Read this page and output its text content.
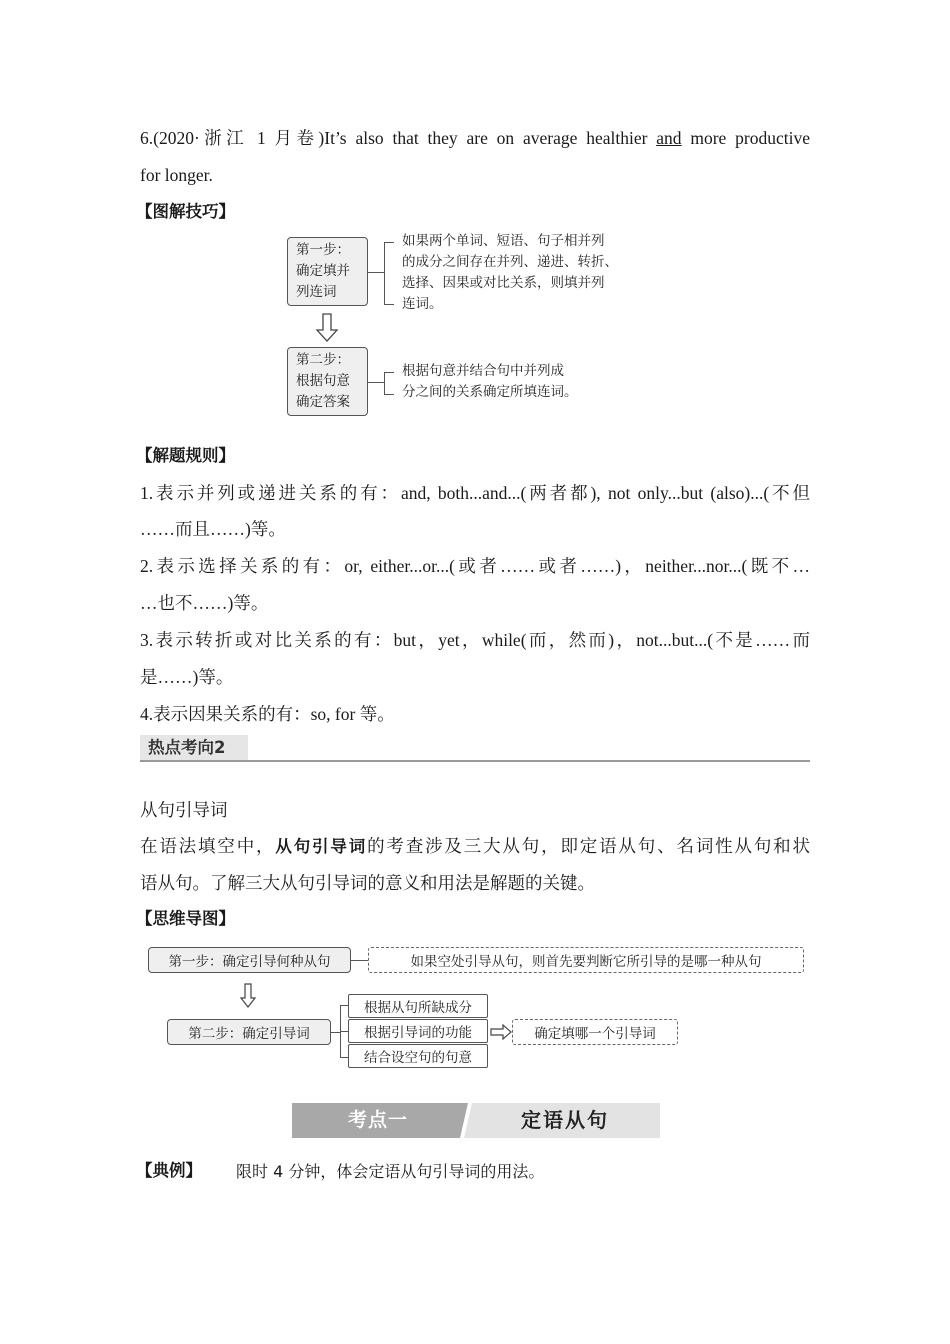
6.(2020·浙江 1 月卷)It’s also that they are on average healthier and more productive
for longer.
【图解技巧】
第一步：
确定填并
列连词
如果两个单词、短语、句子相并列
的成分之间存在并列、递进、转折、
选择、因果或对比关系，则填并列
连词。
第二步：
根据句意
确定答案
根据句意并结合句中并列成
分之间的关系确定所填连词。
【解题规则】
1.表示并列或递进关系的有：and, both...and...(两者都), not only...but (also)...(不但
……而且……)等。
2.表示选择关系的有：or, either...or...(或者……或者……)，neither...nor...(既不…
…也不……)等。
3.表示转折或对比关系的有：but，yet，while(而，然而)，not...but...(不是……而
是……)等。
4.表示因果关系的有：so, for 等。
热点考向2
从句引导词
在语法填空中，从句引导词的考查涉及三大从句，即定语从句、名词性从句和状
语从句。了解三大从句引导词的意义和用法是解题的关键。
【思维导图】
第一步：确定引导何种从句	如果空处引导从句，则首先要判断它所引导的是哪一种从句
第二步：确定引导词
根据从句所缺成分
根据引导词的功能
结合设空句的句意
确定填哪一个引导词
考点一	定语从句
【典例】 限时 4 分钟，体会定语从句引导词的用法。
